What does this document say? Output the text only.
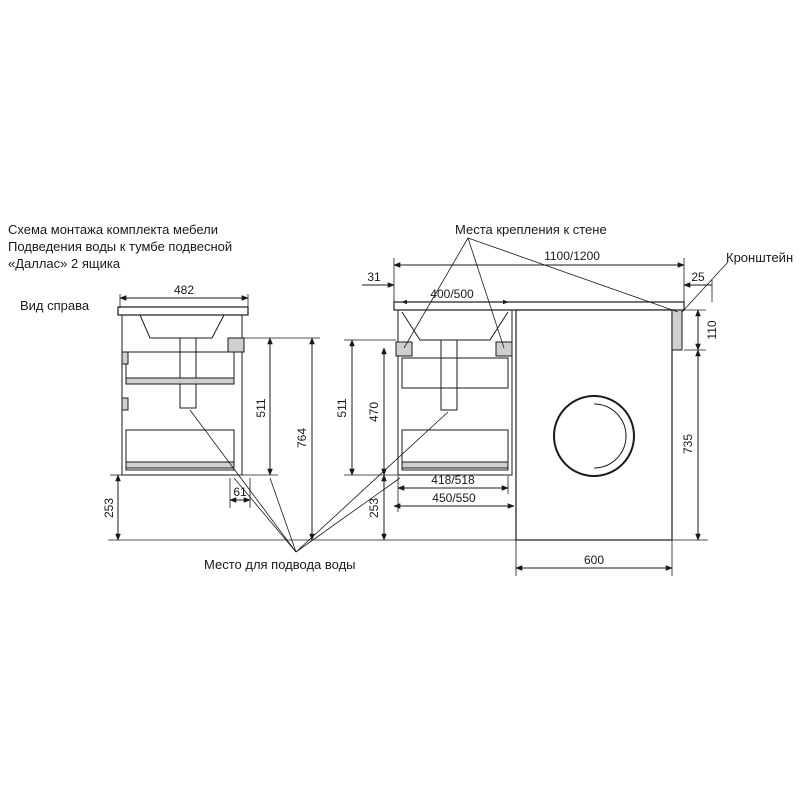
Схема монтажа комплекта мебели
Подведения воды к тумбе подвесной
«Даллас» 2 ящика
Вид справа
Места крепления к стене
Кронштейн
Место для подвода воды
482
511
764
253
61
31
1100/1200
25
400/500
511 470
253
418/518
450/550
110
735
600
